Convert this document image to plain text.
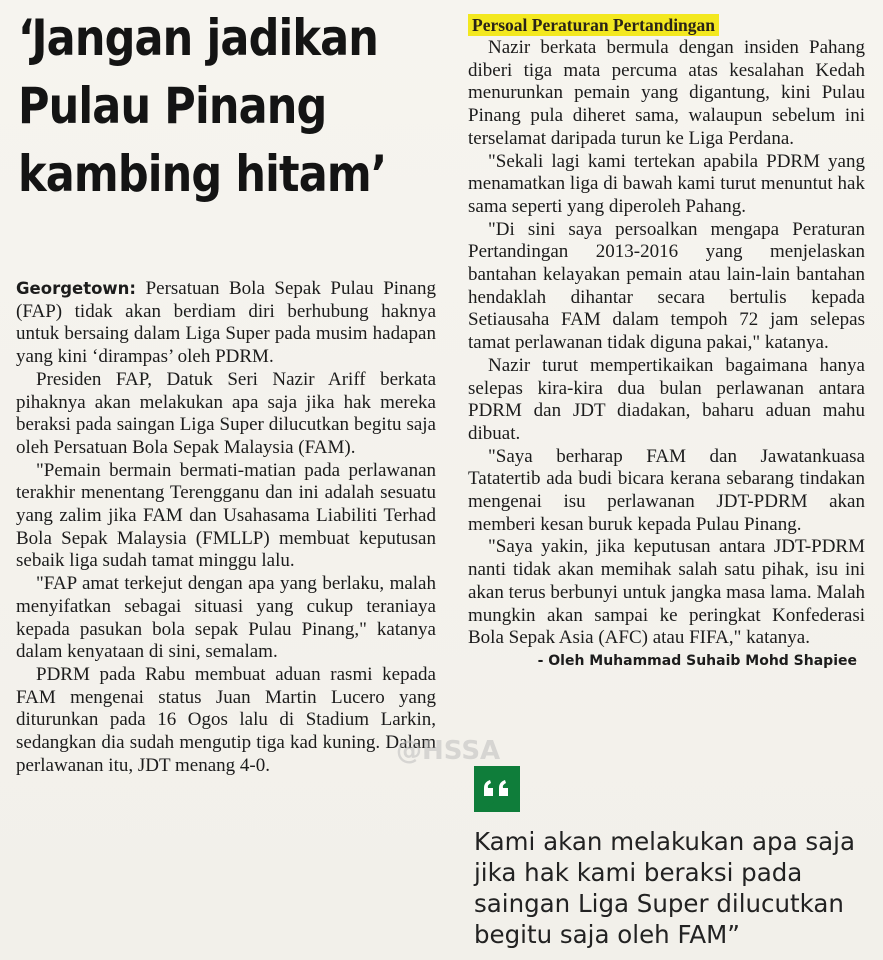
‘Jangan jadikan
Pulau Pinang
kambing hitam’

Georgetown: Persatuan Bola Sepak Pulau Pinang (FAP) tidak akan berdiam diri berhubung haknya untuk bersaing dalam Liga Super pada musim hadapan yang kini ‘dirampas’ oleh PDRM.

Presiden FAP, Datuk Seri Nazir Ariff berkata pihaknya akan melakukan apa saja jika hak mereka beraksi pada saingan Liga Super dilucutkan begitu saja oleh Persatuan Bola Sepak Malaysia (FAM).

"Pemain bermain bermati-matian pada perlawanan terakhir menentang Terengganu dan ini adalah sesuatu yang zalim jika FAM dan Usahasama Liabiliti Terhad Bola Sepak Malaysia (FMLLP) membuat keputusan sebaik liga sudah tamat minggu lalu.

"FAP amat terkejut dengan apa yang berlaku, malah menyifatkan sebagai situasi yang cukup teraniaya kepada pasukan bola sepak Pulau Pinang," katanya dalam kenyataan di sini, semalam.

PDRM pada Rabu membuat aduan rasmi kepada FAM mengenai status Juan Martin Lucero yang diturunkan pada 16 Ogos lalu di Stadium Larkin, sedangkan dia sudah mengutip tiga kad kuning. Dalam perlawanan itu, JDT menang 4-0.

Persoal Peraturan Pertandingan

Nazir berkata bermula dengan insiden Pahang diberi tiga mata percuma atas kesalahan Kedah menurunkan pemain yang digantung, kini Pulau Pinang pula diheret sama, walaupun sebelum ini terselamat daripada turun ke Liga Perdana.

"Sekali lagi kami tertekan apabila PDRM yang menamatkan liga di bawah kami turut menuntut hak sama seperti yang diperoleh Pahang.

"Di sini saya persoalkan mengapa Peraturan Pertandingan 2013-2016 yang menjelaskan bantahan kelayakan pemain atau lain-lain bantahan hendaklah dihantar secara bertulis kepada Setiausaha FAM dalam tempoh 72 jam selepas tamat perlawanan tidak diguna pakai," katanya.

Nazir turut mempertikaikan bagaimana hanya selepas kira-kira dua bulan perlawanan antara PDRM dan JDT diadakan, baharu aduan mahu dibuat.

"Saya berharap FAM dan Jawatankuasa Tatatertib ada budi bicara kerana sebarang tindakan mengenai isu perlawanan JDT-PDRM akan memberi kesan buruk kepada Pulau Pinang.

"Saya yakin, jika keputusan antara JDT-PDRM nanti tidak akan memihak salah satu pihak, isu ini akan terus berbunyi untuk jangka masa lama. Malah mungkin akan sampai ke peringkat Konfederasi Bola Sepak Asia (AFC) atau FIFA," katanya.

- Oleh Muhammad Suhaib Mohd Shapiee
Kami akan melakukan apa saja
jika hak kami beraksi pada
saingan Liga Super dilucutkan
begitu saja oleh FAM”
@HSSA
